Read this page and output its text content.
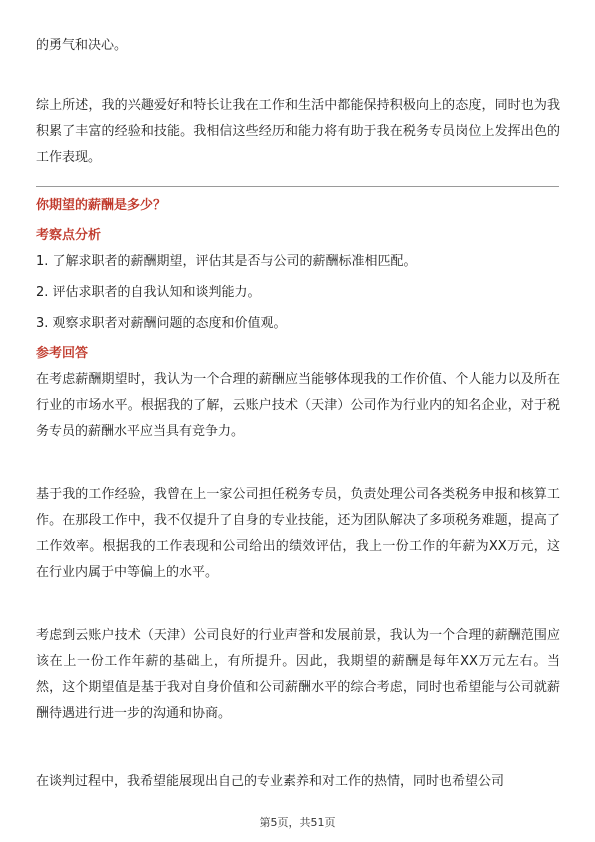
的勇气和决心。

综上所述，我的兴趣爱好和特长让我在工作和生活中都能保持积极向上的态度，同时也为我积累了丰富的经验和技能。我相信这些经历和能力将有助于我在税务专员岗位上发挥出色的工作表现。

你期望的薪酬是多少？
考察点分析
1. 了解求职者的薪酬期望，评估其是否与公司的薪酬标准相匹配。
2. 评估求职者的自我认知和谈判能力。
3. 观察求职者对薪酬问题的态度和价值观。
参考回答

在考虑薪酬期望时，我认为一个合理的薪酬应当能够体现我的工作价值、个人能力以及所在行业的市场水平。根据我的了解，云账户技术（天津）公司作为行业内的知名企业，对于税务专员的薪酬水平应当具有竞争力。

基于我的工作经验，我曾在上一家公司担任税务专员，负责处理公司各类税务申报和核算工作。在那段工作中，我不仅提升了自身的专业技能，还为团队解决了多项税务难题，提高了工作效率。根据我的工作表现和公司给出的绩效评估，我上一份工作的年薪为XX万元，这在行业内属于中等偏上的水平。

考虑到云账户技术（天津）公司良好的行业声誉和发展前景，我认为一个合理的薪酬范围应该在上一份工作年薪的基础上，有所提升。因此，我期望的薪酬是每年XX万元左右。当然，这个期望值是基于我对自身价值和公司薪酬水平的综合考虑，同时也希望能与公司就薪酬待遇进行进一步的沟通和协商。

在谈判过程中，我希望能展现出自己的专业素养和对工作的热情，同时也希望公司

第5页，共51页
